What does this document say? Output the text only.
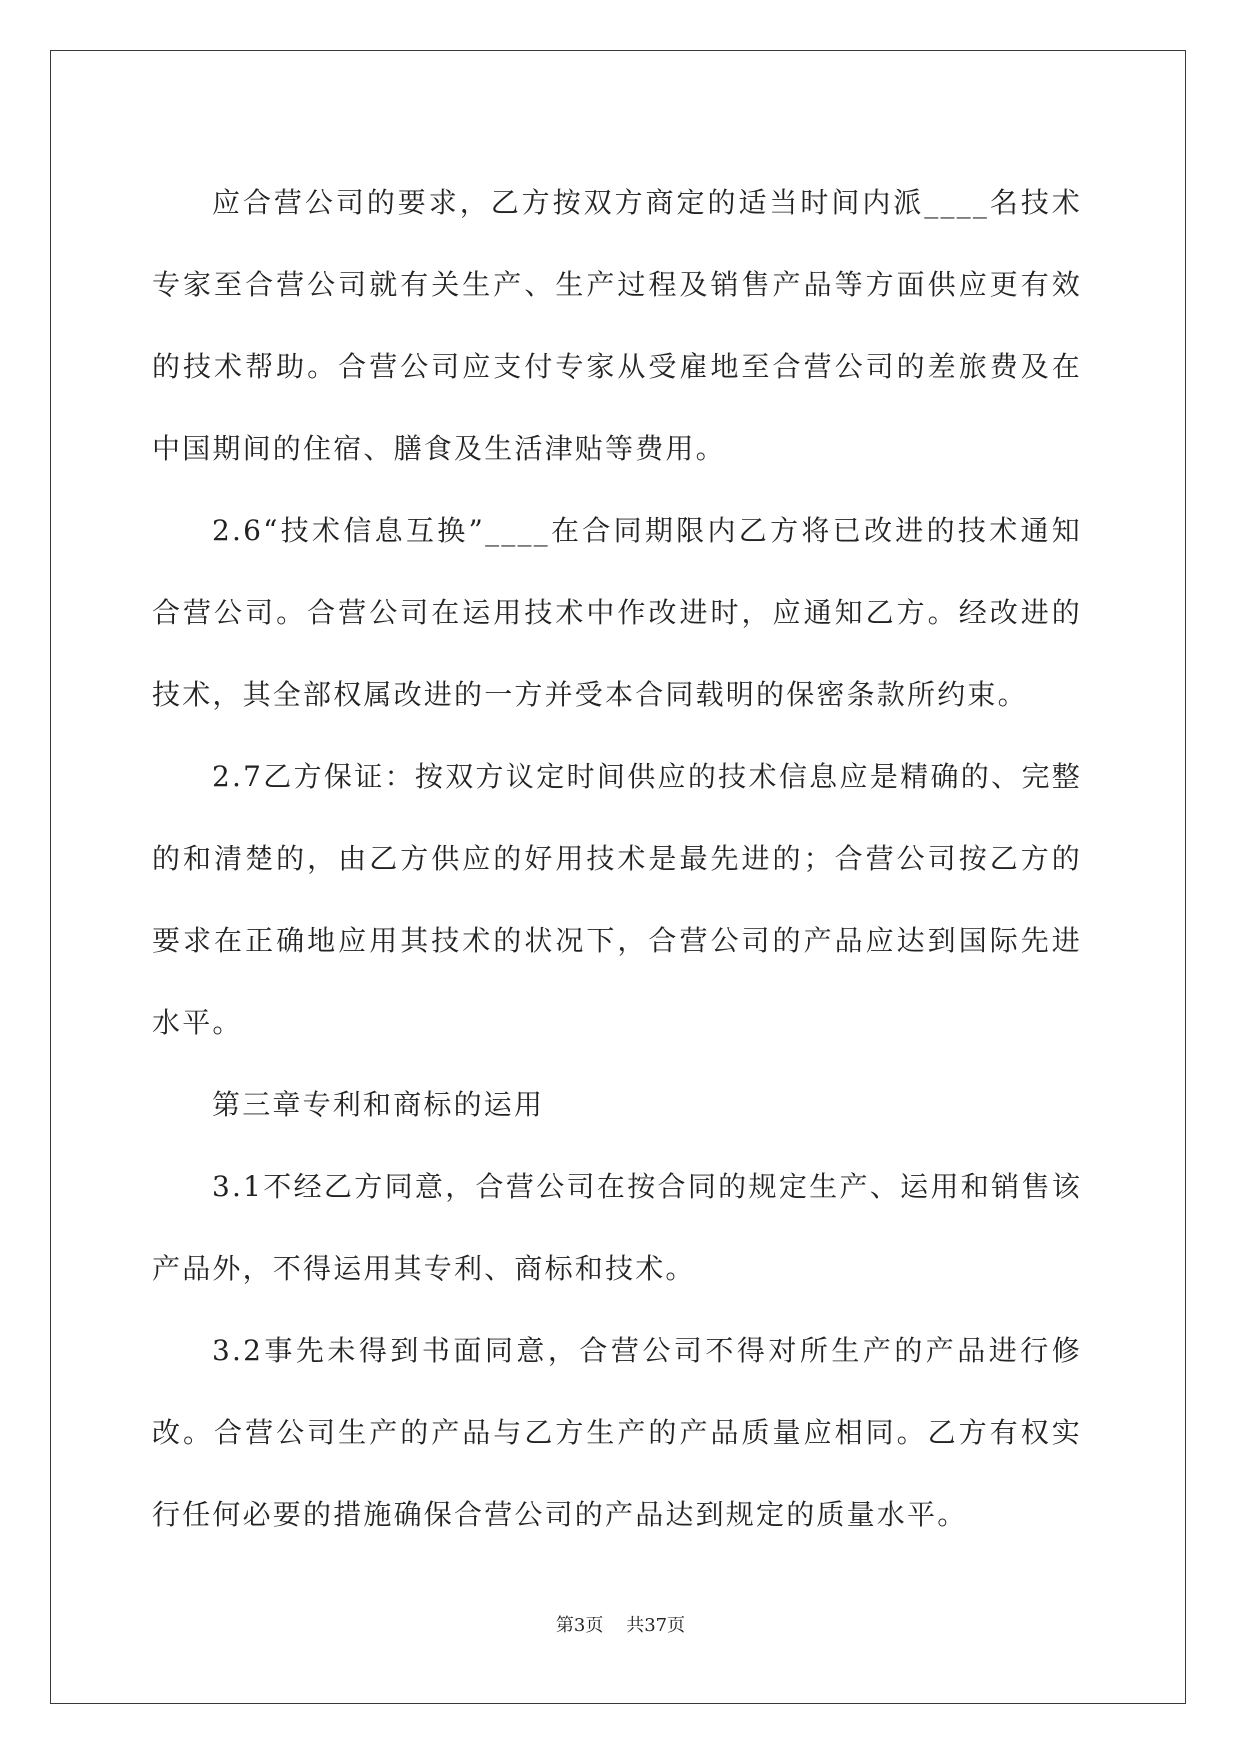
应合营公司的要求，乙方按双方商定的适当时间内派____名技术专家至合营公司就有关生产、生产过程及销售产品等方面供应更有效的技术帮助。合营公司应支付专家从受雇地至合营公司的差旅费及在中国期间的住宿、膳食及生活津贴等费用。

2.6“技术信息互换”____在合同期限内乙方将已改进的技术通知合营公司。合营公司在运用技术中作改进时，应通知乙方。经改进的技术，其全部权属改进的一方并受本合同载明的保密条款所约束。

2.7乙方保证：按双方议定时间供应的技术信息应是精确的、完整的和清楚的，由乙方供应的好用技术是最先进的；合营公司按乙方的要求在正确地应用其技术的状况下，合营公司的产品应达到国际先进水平。

第三章专利和商标的运用

3.1不经乙方同意，合营公司在按合同的规定生产、运用和销售该产品外，不得运用其专利、商标和技术。

3.2事先未得到书面同意，合营公司不得对所生产的产品进行修改。合营公司生产的产品与乙方生产的产品质量应相同。乙方有权实行任何必要的措施确保合营公司的产品达到规定的质量水平。

第3页 共37页
